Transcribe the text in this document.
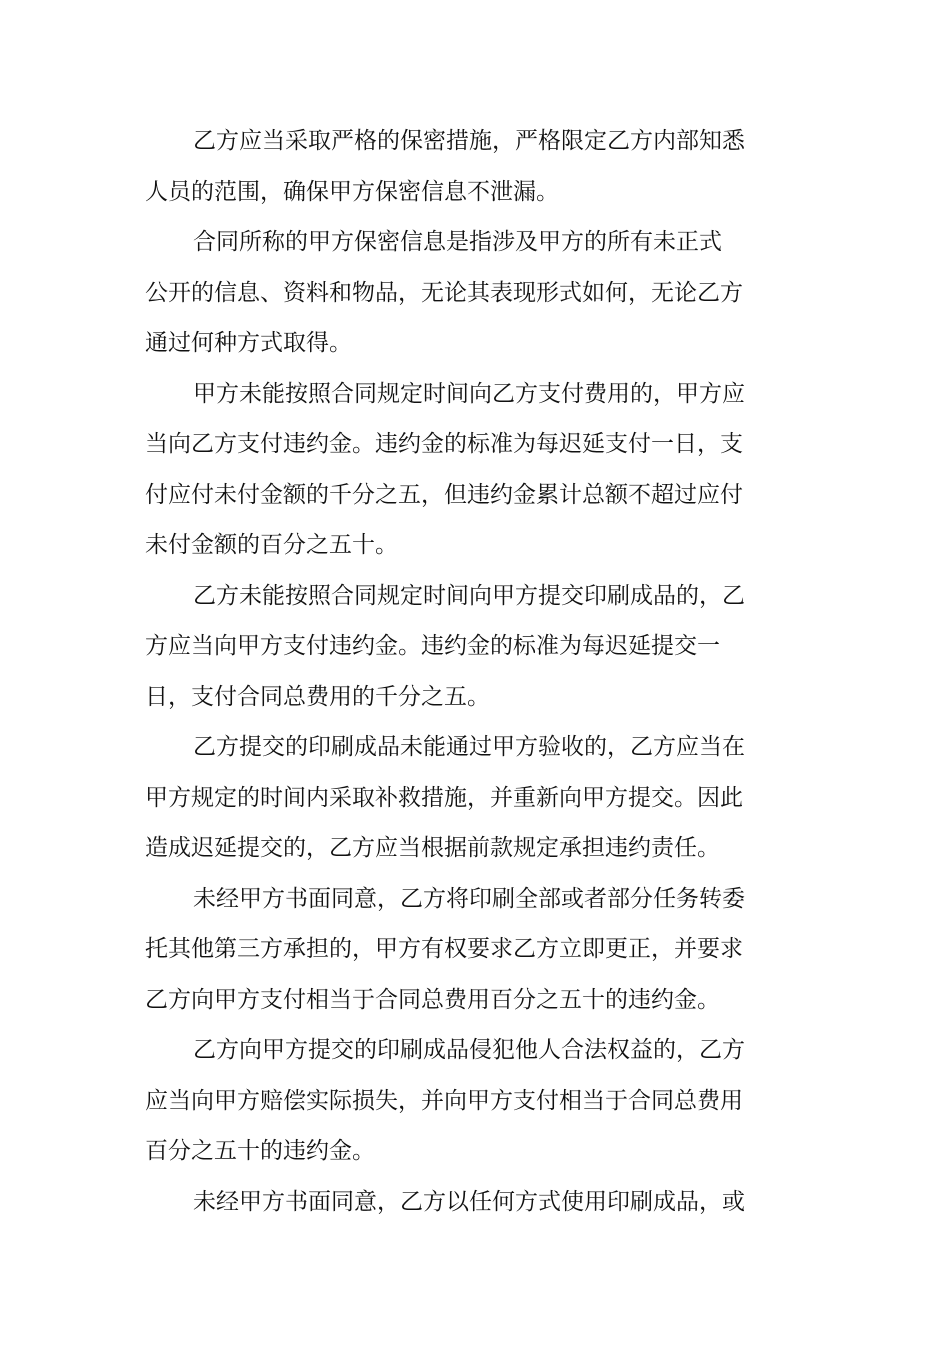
乙方应当采取严格的保密措施，严格限定乙方内部知悉
人员的范围，确保甲方保密信息不泄漏。
合同所称的甲方保密信息是指涉及甲方的所有未正式
公开的信息、资料和物品，无论其表现形式如何，无论乙方
通过何种方式取得。
甲方未能按照合同规定时间向乙方支付费用的，甲方应
当向乙方支付违约金。违约金的标准为每迟延支付一日，支
付应付未付金额的千分之五，但违约金累计总额不超过应付
未付金额的百分之五十。
乙方未能按照合同规定时间向甲方提交印刷成品的，乙
方应当向甲方支付违约金。违约金的标准为每迟延提交一
日，支付合同总费用的千分之五。
乙方提交的印刷成品未能通过甲方验收的，乙方应当在
甲方规定的时间内采取补救措施，并重新向甲方提交。因此
造成迟延提交的，乙方应当根据前款规定承担违约责任。
未经甲方书面同意，乙方将印刷全部或者部分任务转委
托其他第三方承担的，甲方有权要求乙方立即更正，并要求
乙方向甲方支付相当于合同总费用百分之五十的违约金。
乙方向甲方提交的印刷成品侵犯他人合法权益的，乙方
应当向甲方赔偿实际损失，并向甲方支付相当于合同总费用
百分之五十的违约金。
未经甲方书面同意，乙方以任何方式使用印刷成品，或
